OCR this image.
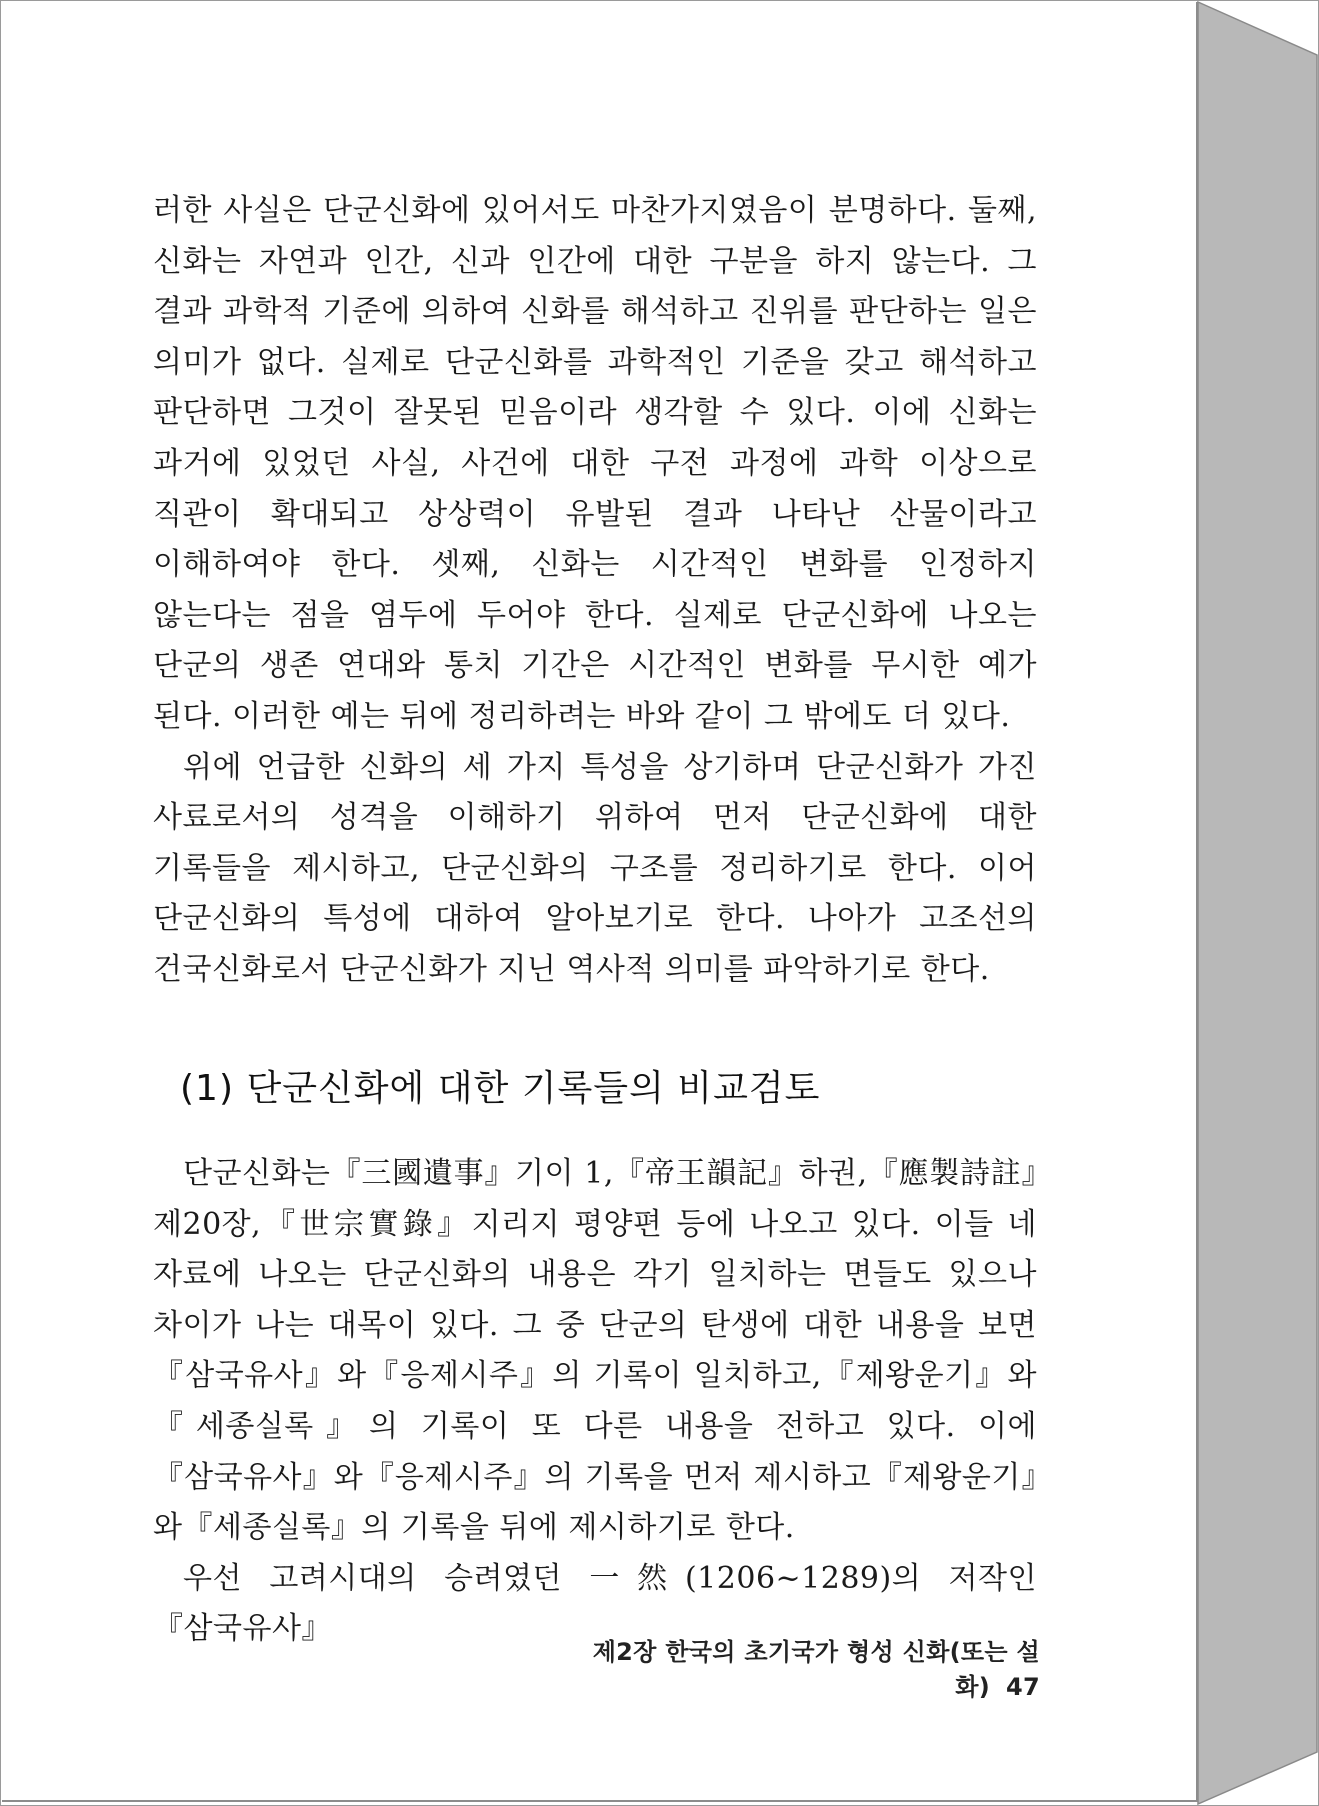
러한 사실은 단군신화에 있어서도 마찬가지였음이 분명하다. 둘째, 신화는 자연과 인간, 신과 인간에 대한 구분을 하지 않는다. 그 결과 과학적 기준에 의하여 신화를 해석하고 진위를 판단하는 일은 의미가 없다. 실제로 단군신화를 과학적인 기준을 갖고 해석하고 판단하면 그것이 잘못된 믿음이라 생각할 수 있다. 이에 신화는 과거에 있었던 사실, 사건에 대한 구전 과정에 과학 이상으로 직관이 확대되고 상상력이 유발된 결과 나타난 산물이라고 이해하여야 한다. 셋째, 신화는 시간적인 변화를 인정하지 않는다는 점을 염두에 두어야 한다. 실제로 단군신화에 나오는 단군의 생존 연대와 통치 기간은 시간적인 변화를 무시한 예가 된다. 이러한 예는 뒤에 정리하려는 바와 같이 그 밖에도 더 있다.

위에 언급한 신화의 세 가지 특성을 상기하며 단군신화가 가진 사료로서의 성격을 이해하기 위하여 먼저 단군신화에 대한 기록들을 제시하고, 단군신화의 구조를 정리하기로 한다. 이어 단군신화의 특성에 대하여 알아보기로 한다. 나아가 고조선의 건국신화로서 단군신화가 지닌 역사적 의미를 파악하기로 한다.

(1) 단군신화에 대한 기록들의 비교검토

단군신화는『三國遺事』기이 1,『帝王韻記』하권,『應製詩註』제20장,『世宗實錄』지리지 평양편 등에 나오고 있다. 이들 네 자료에 나오는 단군신화의 내용은 각기 일치하는 면들도 있으나 차이가 나는 대목이 있다. 그 중 단군의 탄생에 대한 내용을 보면『삼국유사』와『응제시주』의 기록이 일치하고,『제왕운기』와『세종실록』의 기록이 또 다른 내용을 전하고 있다. 이에『삼국유사』와『응제시주』의 기록을 먼저 제시하고『제왕운기』와『세종실록』의 기록을 뒤에 제시하기로 한다.

우선 고려시대의 승려였던 一然(1206~1289)의 저작인『삼국유사』

제2장 한국의 초기국가 형성 신화(또는 설화) 47
